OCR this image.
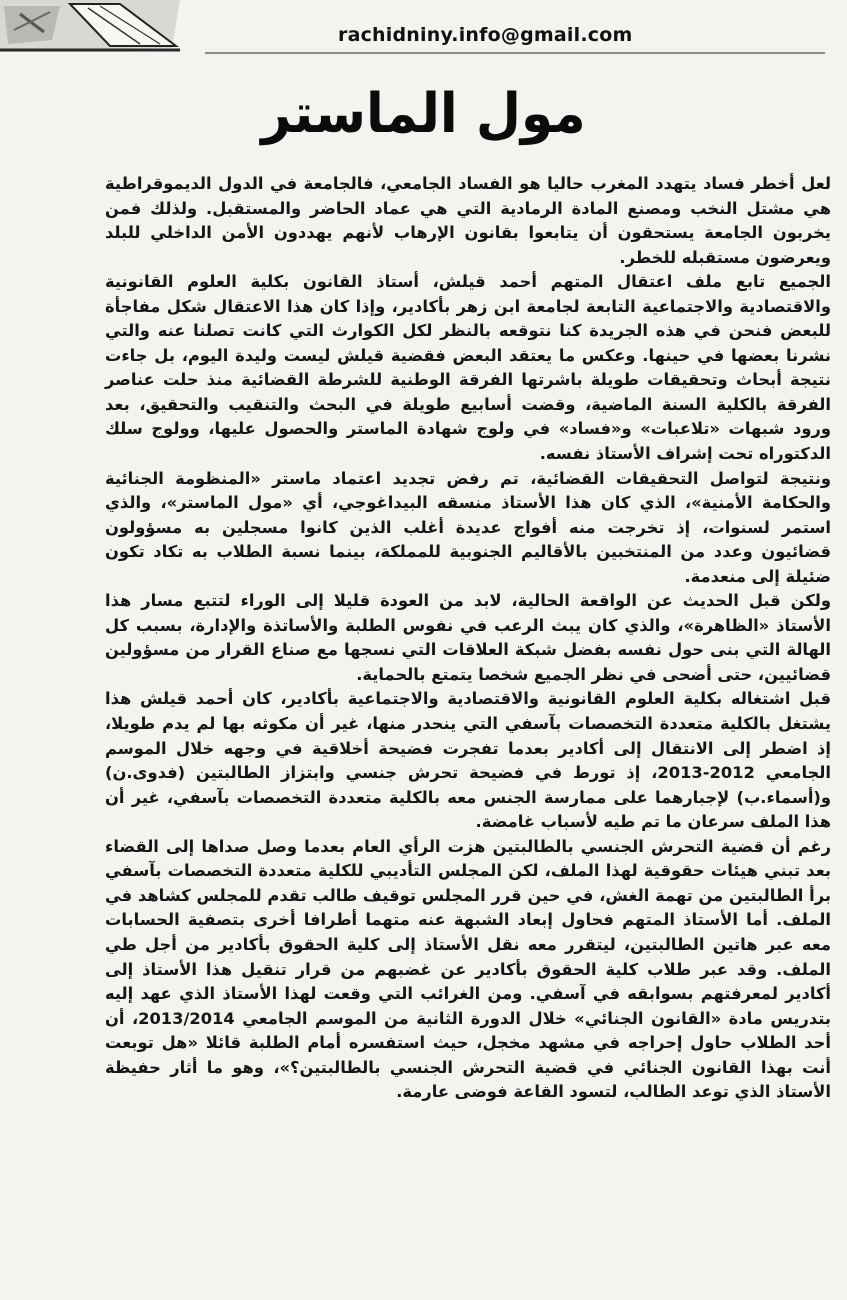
rachidniny.info@gmail.com
مول الماستر

لعل أخطر فساد يتهدد المغرب حاليا هو الفساد الجامعي، فالجامعة في الدول الديموقراطية هي مشتل النخب ومصنع المادة الرمادية التي هي عماد الحاضر والمستقبل. ولذلك فمن يخربون الجامعة يستحقون أن يتابعوا بقانون الإرهاب لأنهم يهددون الأمن الداخلي للبلد ويعرضون مستقبله للخطر.

الجميع تابع ملف اعتقال المتهم أحمد قيلش، أستاذ القانون بكلية العلوم القانونية والاقتصادية والاجتماعية التابعة لجامعة ابن زهر بأكادير، وإذا كان هذا الاعتقال شكل مفاجأة للبعض فنحن في هذه الجريدة كنا نتوقعه بالنظر لكل الكوارث التي كانت تصلنا عنه والتي نشرنا بعضها في حينها. وعكس ما يعتقد البعض فقضية قيلش ليست وليدة اليوم، بل جاءت نتيجة أبحاث وتحقيقات طويلة باشرتها الفرقة الوطنية للشرطة القضائية منذ حلت عناصر الفرقة بالكلية السنة الماضية، وقضت أسابيع طويلة في البحث والتنقيب والتحقيق، بعد ورود شبهات «تلاعبات» و«فساد» في ولوج شهادة الماستر والحصول عليها، وولوج سلك الدكتوراه تحت إشراف الأستاذ نفسه.

ونتيجة لتواصل التحقيقات القضائية، تم رفض تجديد اعتماد ماستر «المنظومة الجنائية والحكامة الأمنية»، الذي كان هذا الأستاذ منسقه البيداغوجي، أي «مول الماستر»، والذي استمر لسنوات، إذ تخرجت منه أفواج عديدة أغلب الذين كانوا مسجلين به مسؤولون قضائيون وعدد من المنتخبين بالأقاليم الجنوبية للمملكة، بينما نسبة الطلاب به تكاد تكون ضئيلة إلى منعدمة.

ولكن قبل الحديث عن الواقعة الحالية، لابد من العودة قليلا إلى الوراء لتتبع مسار هذا الأستاذ «الظاهرة»، والذي كان يبث الرعب في نفوس الطلبة والأساتذة والإدارة، بسبب كل الهالة التي بنى حول نفسه بفضل شبكة العلاقات التي نسجها مع صناع القرار من مسؤولين قضائيين، حتى أضحى في نظر الجميع شخصا يتمتع بالحماية.

قبل اشتغاله بكلية العلوم القانونية والاقتصادية والاجتماعية بأكادير، كان أحمد قيلش هذا يشتغل بالكلية متعددة التخصصات بآسفي التي ينحدر منها، غير أن مكوثه بها لم يدم طويلا، إذ اضطر إلى الانتقال إلى أكادير بعدما تفجرت فضيحة أخلاقية في وجهه خلال الموسم الجامعي 2012-2013، إذ تورط في فضيحة تحرش جنسي وابتزاز الطالبتين (فدوى.ن) و(أسماء.ب) لإجبارهما على ممارسة الجنس معه بالكلية متعددة التخصصات بآسفي، غير أن هذا الملف سرعان ما تم طيه لأسباب غامضة.

رغم أن قضية التحرش الجنسي بالطالبتين هزت الرأي العام بعدما وصل صداها إلى القضاء بعد تبني هيئات حقوقية لهذا الملف، لكن المجلس التأديبي للكلية متعددة التخصصات بآسفي برأ الطالبتين من تهمة الغش، في حين قرر المجلس توقيف طالب تقدم للمجلس كشاهد في الملف. أما الأستاذ المتهم فحاول إبعاد الشبهة عنه متهما أطرافا أخرى بتصفية الحسابات معه عبر هاتين الطالبتين، ليتقرر معه نقل الأستاذ إلى كلية الحقوق بأكادير من أجل طي الملف. وقد عبر طلاب كلية الحقوق بأكادير عن غضبهم من قرار تنقيل هذا الأستاذ إلى أكادير لمعرفتهم بسوابقه في آسفي. ومن الغرائب التي وقعت لهذا الأستاذ الذي عهد إليه بتدريس مادة «القانون الجنائي» خلال الدورة الثانية من الموسم الجامعي 2013/2014، أن أحد الطلاب حاول إحراجه في مشهد مخجل، حيث استفسره أمام الطلبة قائلا «هل توبعت أنت بهذا القانون الجنائي في قضية التحرش الجنسي بالطالبتين؟»، وهو ما أثار حفيظة الأستاذ الذي توعد الطالب، لتسود القاعة فوضى عارمة.
